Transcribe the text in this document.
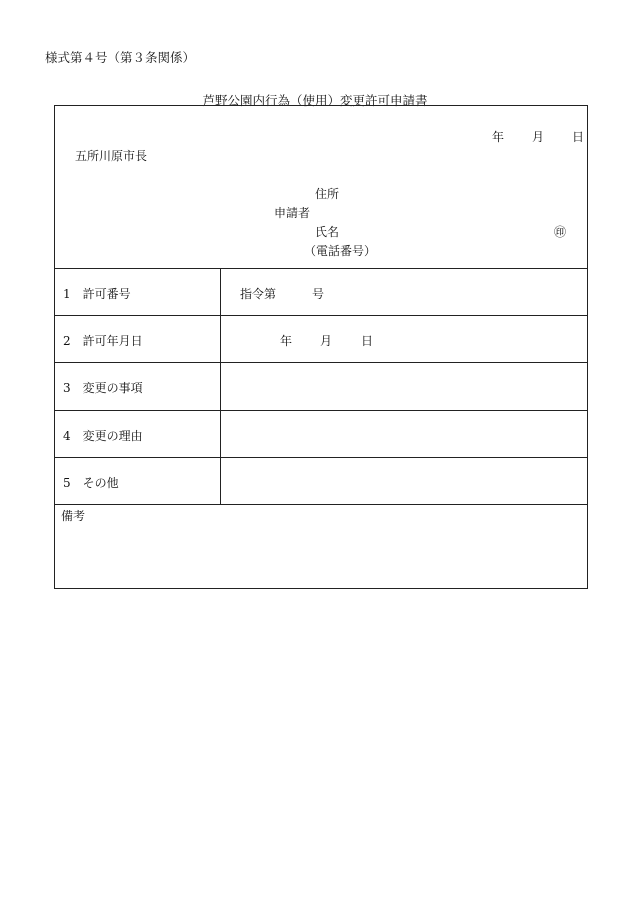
様式第４号（第３条関係）
芦野公園内行為（使用）変更許可申請書
年 月 日
五所川原市長
住所
申請者
氏名	㊞
（電話番号）
1　許可番号	指令第　　　号
2　許可年月日	年 月 日
3　変更の事項
4　変更の理由
5　その他
備考
